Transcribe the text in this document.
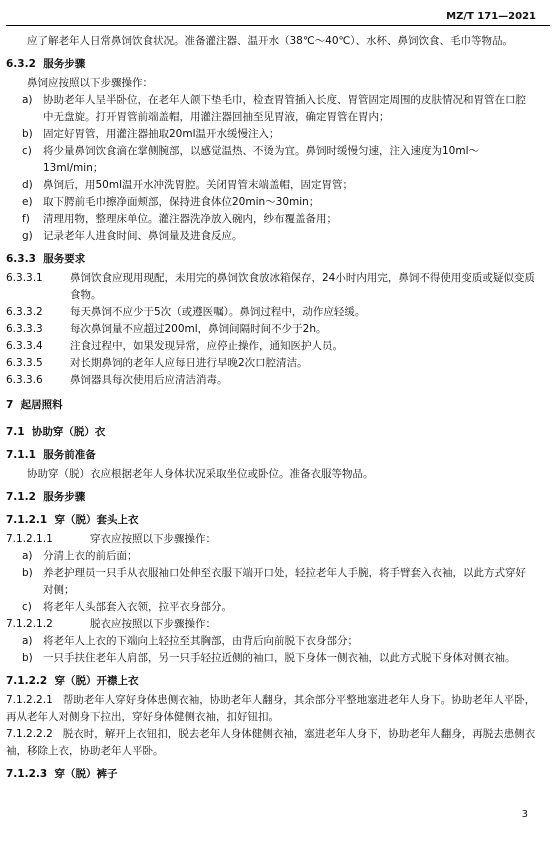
MZ/T 171—2021

应了解老年人日常鼻饲饮食状况。准备灌注器、温开水（38℃～40℃）、水杯、鼻饲饮食、毛巾等物品。

6.3.2 服务步骤

鼻饲应按照以下步骤操作：

a) 协助老年人呈半卧位，在老年人颌下垫毛巾，检查胃管插入长度、胃管固定周围的皮肤情况和胃管在口腔中无盘旋。打开胃管前端盖帽，用灌注器回抽至见胃液，确定胃管在胃内；
b) 固定好胃管，用灌注器抽取20ml温开水缓慢注入；
c)	将少量鼻饲饮食滴在掌侧腕部，以感觉温热、不烫为宜。鼻饲时缓慢匀速，注入速度为10ml～13ml/min；
d) 鼻饲后，用50ml温开水冲洗胃腔。关闭胃管末端盖帽，固定胃管；
e) 取下腭前毛巾擦净面颊部，保持进食体位20min～30min；
f)	清理用物，整理床单位。灌注器洗净放入碗内，纱布覆盖备用；
g) 记录老年人进食时间、鼻饲量及进食反应。
6.3.3 服务要求
6.3.3.1	鼻饲饮食应现用现配，未用完的鼻饲饮食放冰箱保存，24小时内用完，鼻饲不得使用变质或疑似变质食物。
6.3.3.2	每天鼻饲不应少于5次（或遵医嘱）。鼻饲过程中，动作应轻缓。
6.3.3.3	每次鼻饲量不应超过200ml，鼻饲间隔时间不少于2h。
6.3.3.4	注食过程中，如果发现异常，应停止操作，通知医护人员。
6.3.3.5	对长期鼻饲的老年人应每日进行早晚2次口腔清洁。
6.3.3.6	鼻饲器具每次使用后应清洁消毒。
7 起居照料
7.1 协助穿（脱）衣
7.1.1 服务前准备

协助穿（脱）衣应根据老年人身体状况采取坐位或卧位。准备衣服等物品。

7.1.2 服务步骤
7.1.2.1 穿（脱）套头上衣
7.1.2.1.1	穿衣应按照以下步骤操作：
a) 分清上衣的前后面；
b) 养老护理员一只手从衣服袖口处伸至衣服下端开口处，轻拉老年人手腕，将手臂套入衣袖，以此方式穿好对侧；
c)	将老年人头部套入衣领，拉平衣身部分。
7.1.2.1.2	脱衣应按照以下步骤操作：
a) 将老年人上衣的下端向上轻拉至其胸部，由背后向前脱下衣身部分；
b) 一只手扶住老年人肩部，另一只手轻拉近侧的袖口，脱下身体一侧衣袖，以此方式脱下身体对侧衣袖。
7.1.2.2 穿（脱）开襟上衣

7.1.2.2.1 帮助老年人穿好身体患侧衣袖，协助老年人翻身，其余部分平整地塞进老年人身下。协助老年人平卧，再从老年人对侧身下拉出，穿好身体健侧衣袖，扣好钮扣。

7.1.2.2.2 脱衣时，解开上衣钮扣，脱去老年人身体健侧衣袖，塞进老年人身下，协助老年人翻身，再脱去患侧衣袖，移除上衣，协助老年人平卧。

7.1.2.3 穿（脱）裤子
3
